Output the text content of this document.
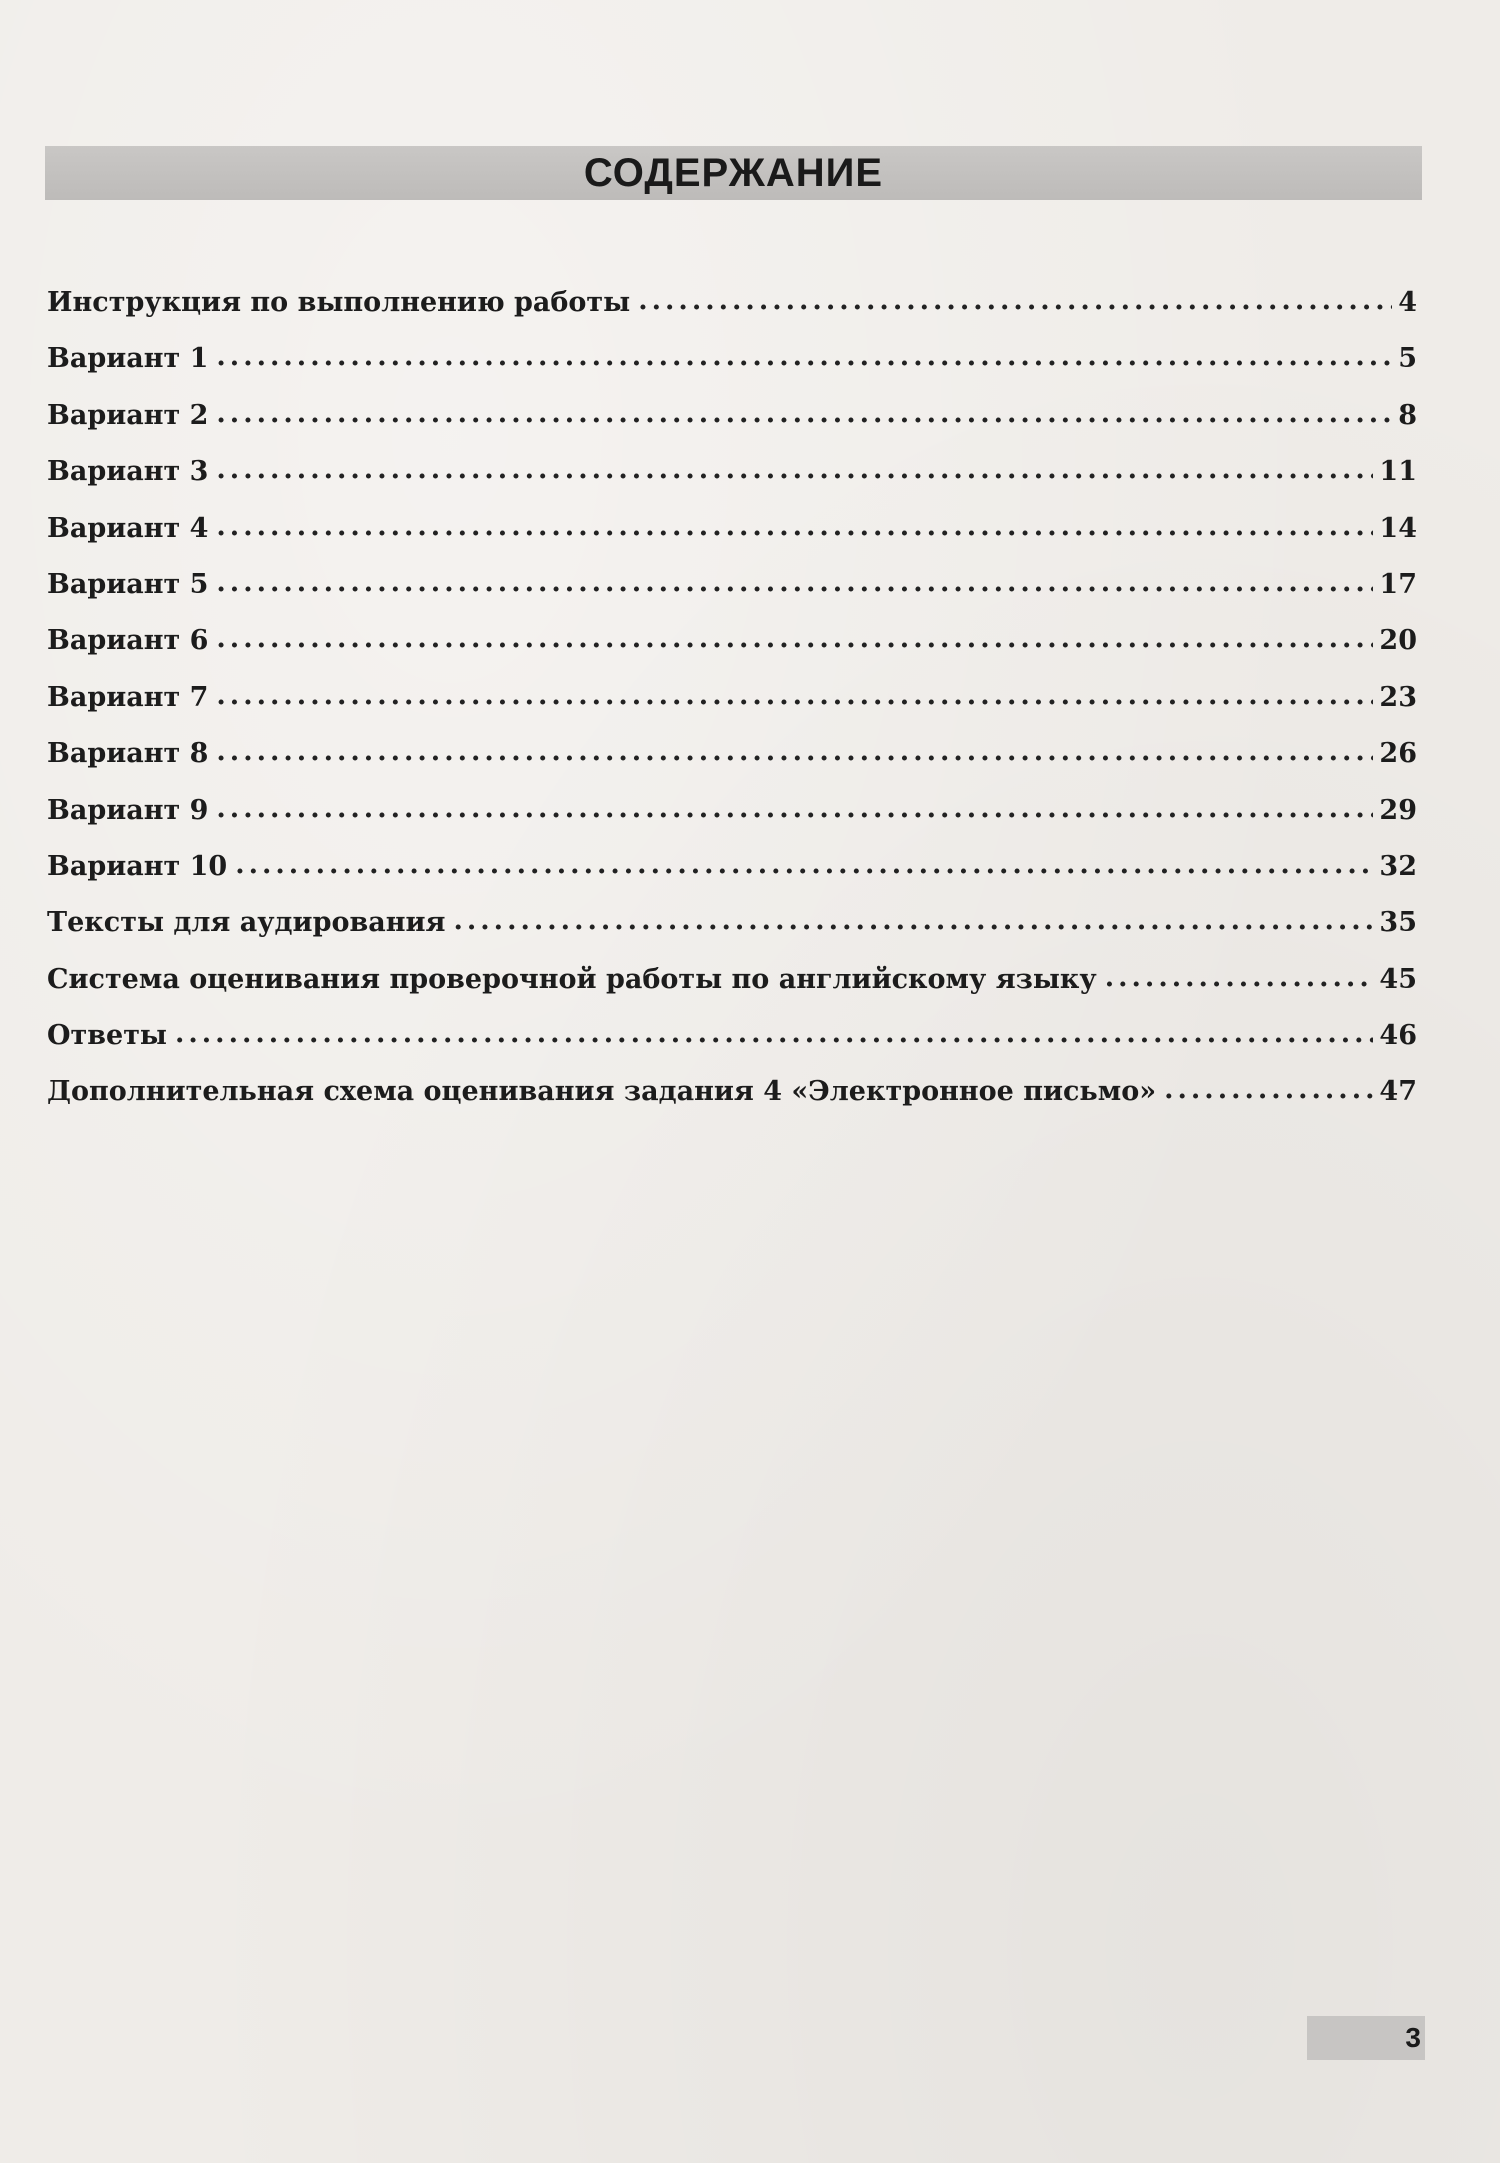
СОДЕРЖАНИЕ
Инструкция по выполнению работы .....	4
Вариант 1 .....	5
Вариант 2 .....	8
Вариант 3 .....	11
Вариант 4 .....	14
Вариант 5 .....	17
Вариант 6 .....	20
Вариант 7 .....	23
Вариант 8 .....	26
Вариант 9 .....	29
Вариант 10 .....	32
Тексты для аудирования .....	35
Система оценивания проверочной работы по английскому языку .....	45
Ответы .....	46
Дополнительная схема оценивания задания 4 «Электронное письмо» .....	47
3
